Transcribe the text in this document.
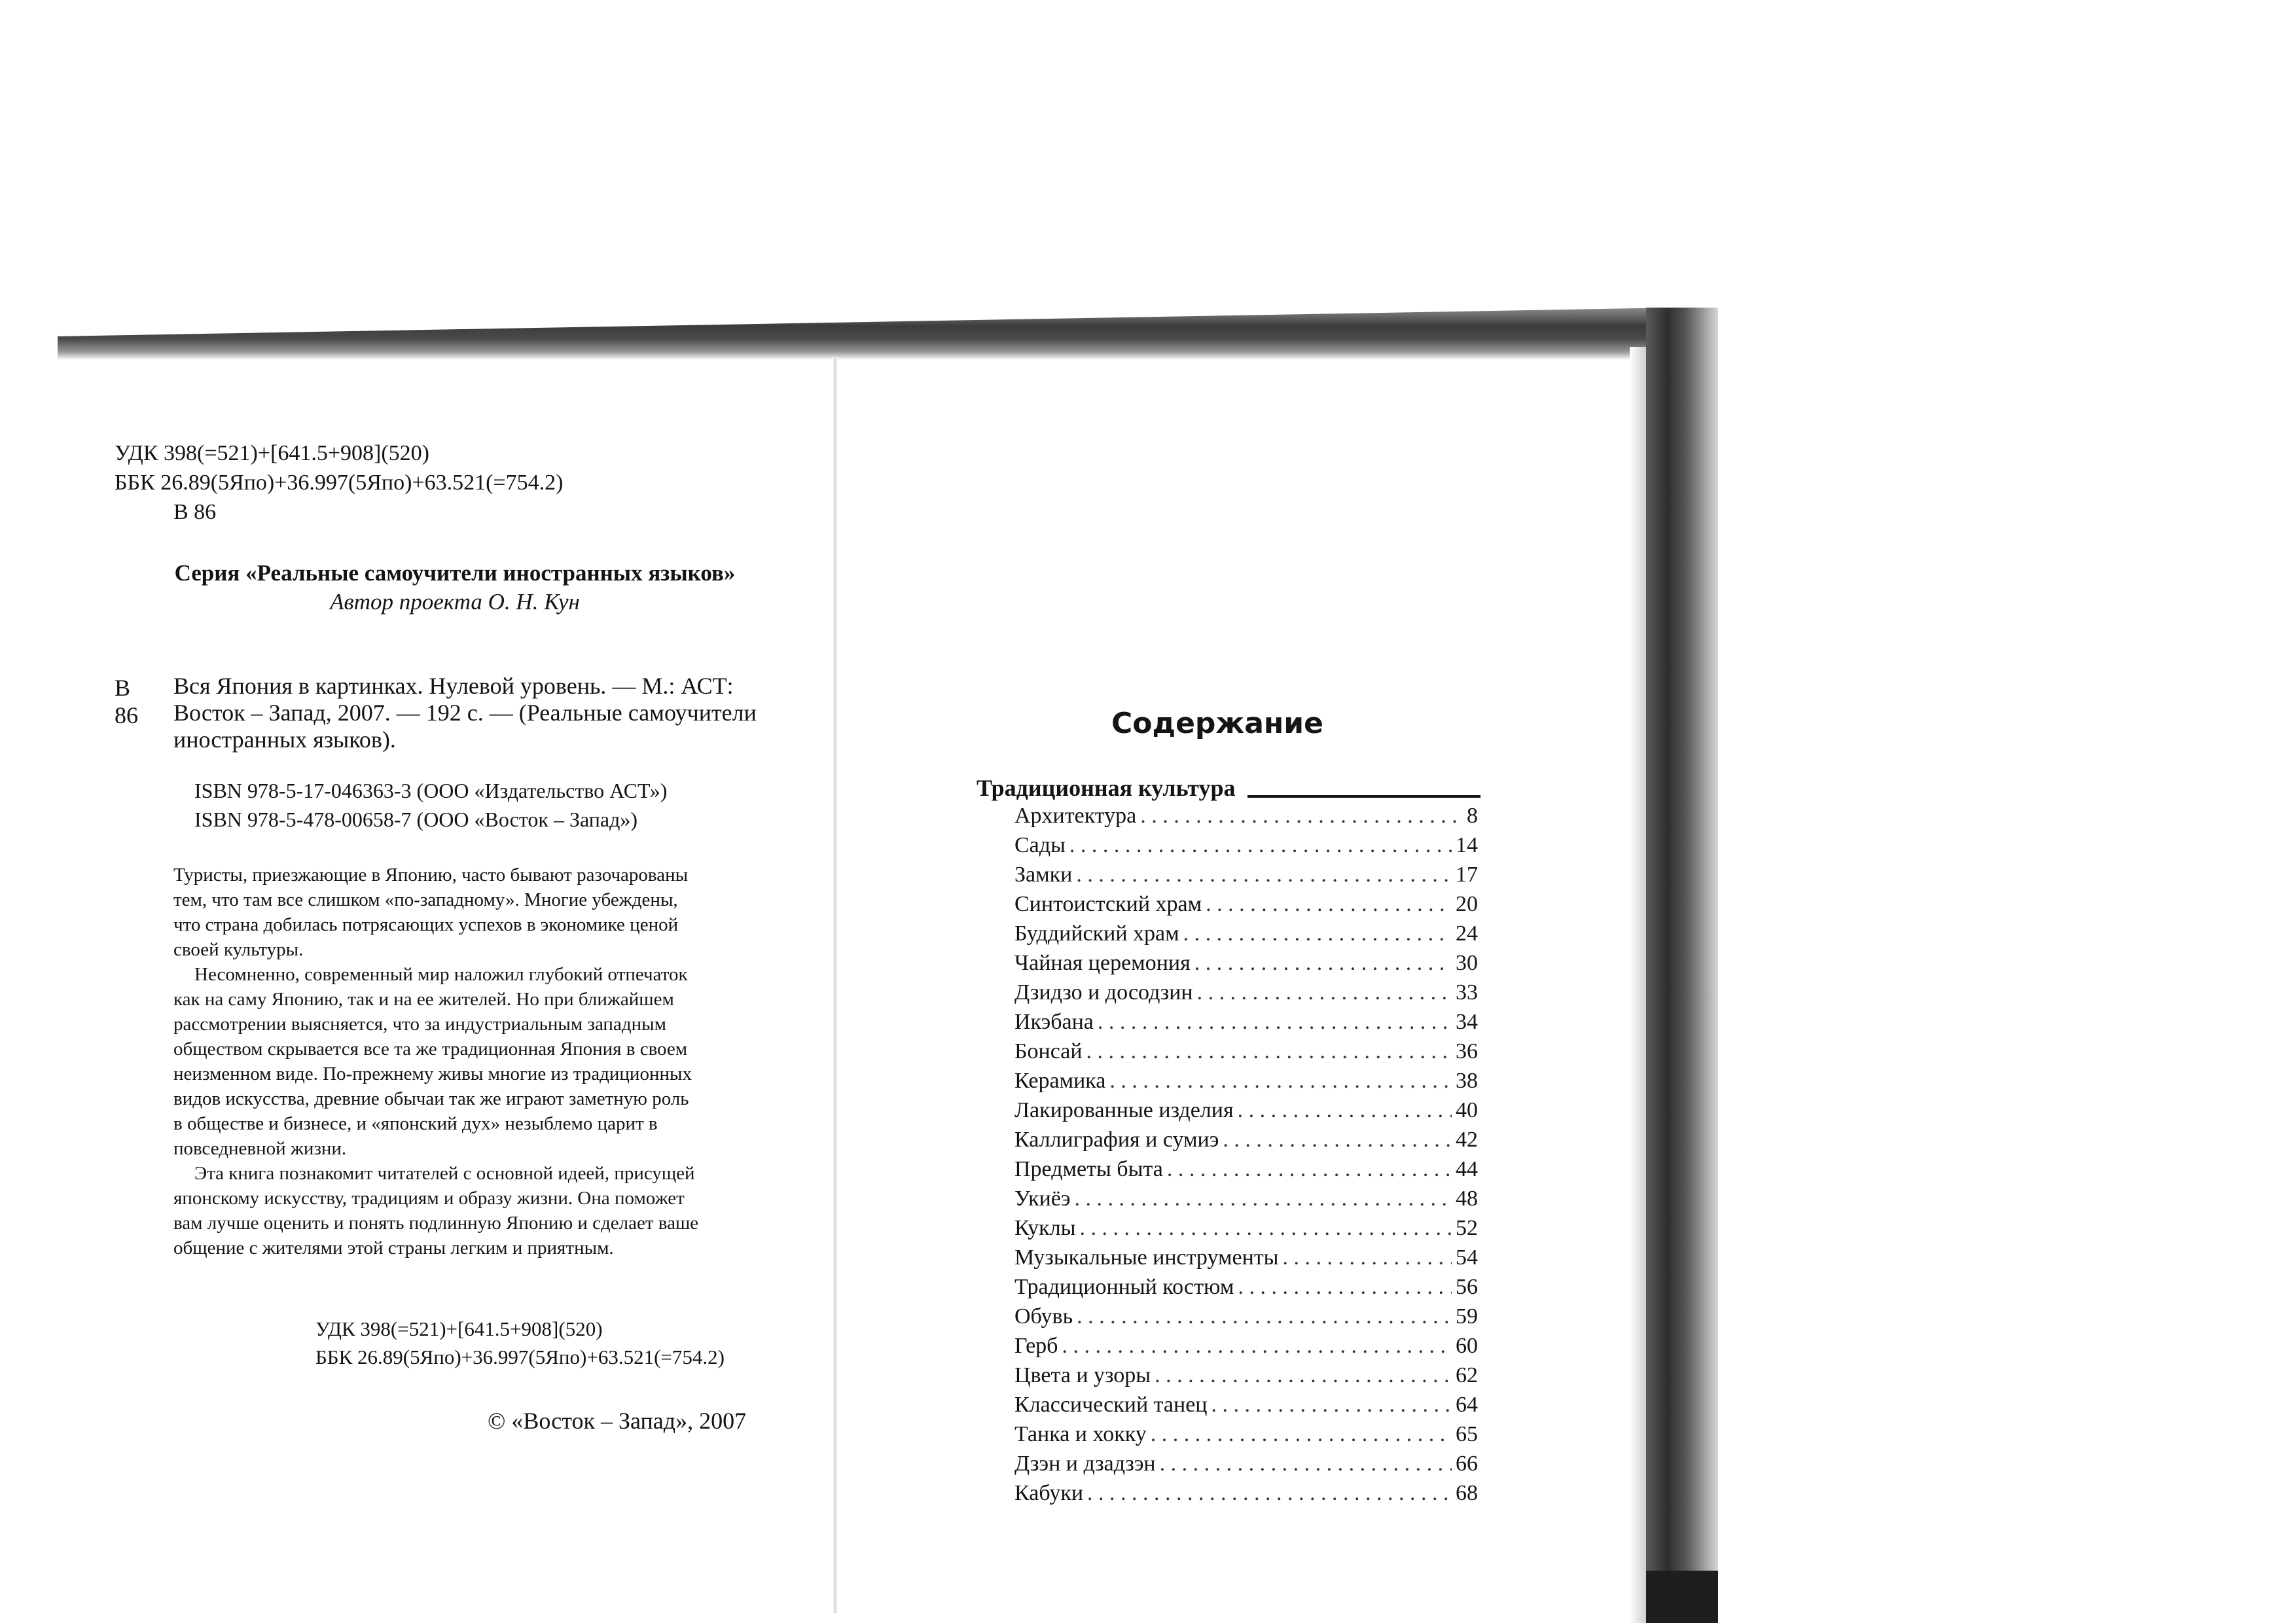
УДК 398(=521)+[641.5+908](520)
ББК 26.89(5Япо)+36.997(5Япо)+63.521(=754.2)
В 86
Серия «Реальные самоучители иностранных языков»
Автор проекта О. Н. Кун
В 86
Вся Япония в картинках. Нулевой уровень. — М.: АСТ:
Восток – Запад, 2007. — 192 с. — (Реальные самоучители
иностранных языков).
ISBN 978-5-17-046363-3 (ООО «Издательство АСТ»)
ISBN 978-5-478-00658-7 (ООО «Восток – Запад»)
Туристы, приезжающие в Японию, часто бывают разочарованы
тем, что там все слишком «по-западному». Многие убеждены,
что страна добилась потрясающих успехов в экономике ценой
своей культуры.
Несомненно, современный мир наложил глубокий отпечаток
как на саму Японию, так и на ее жителей. Но при ближайшем
рассмотрении выясняется, что за индустриальным западным
обществом скрывается все та же традиционная Япония в своем
неизменном виде. По-прежнему живы многие из традиционных
видов искусства, древние обычаи так же играют заметную роль
в обществе и бизнесе, и «японский дух» незыблемо царит в
повседневной жизни.
Эта книга познакомит читателей с основной идеей, присущей
японскому искусству, традициям и образу жизни. Она поможет
вам лучше оценить и понять подлинную Японию и сделает ваше
общение с жителями этой страны легким и приятным.
УДК 398(=521)+[641.5+908](520)
ББК 26.89(5Япо)+36.997(5Япо)+63.521(=754.2)
© «Восток – Запад», 2007
Содержание
Традиционная культура
Архитектура . . .	8
Сады . . .	14
Замки . . .	17
Синтоистский храм . . .	20
Буддийский храм . . .	24
Чайная церемония . . .	30
Дзидзо и досодзин . . .	33
Икэбана . . .	34
Бонсай . . .	36
Керамика . . .	38
Лакированные изделия . . .	40
Каллиграфия и сумиэ . . .	42
Предметы быта . . .	44
Укиёэ . . .	48
Куклы . . .	52
Музыкальные инструменты . . .	54
Традиционный костюм . . .	56
Обувь . . .	59
Герб . . .	60
Цвета и узоры . . .	62
Классический танец . . .	64
Танка и хокку . . .	65
Дзэн и дзадзэн . . .	66
Кабуки . . .	68
